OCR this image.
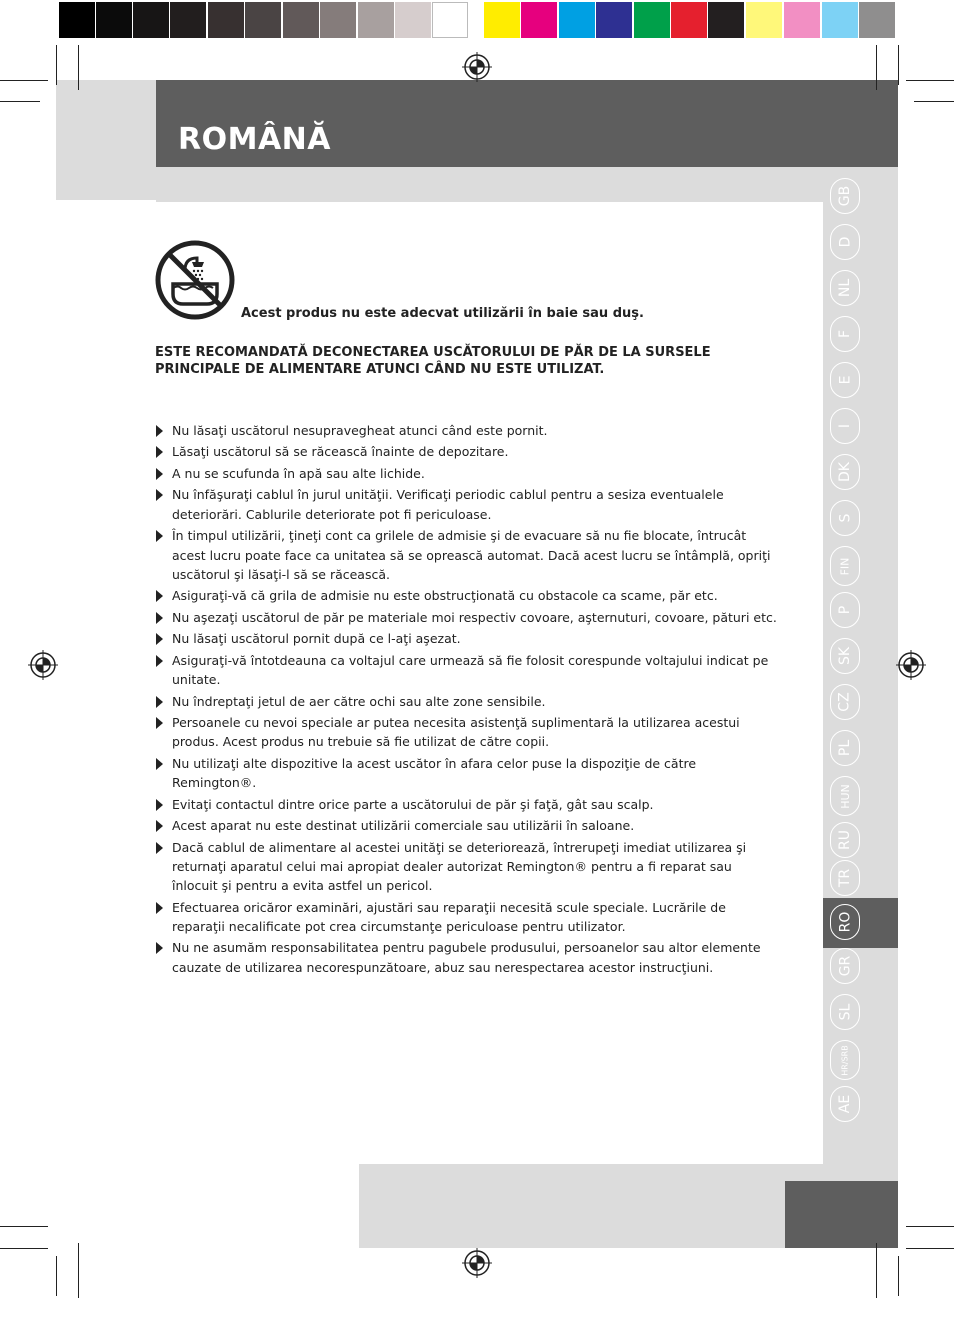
ROMÂNĂ
GB
D
NL
F
E
I
DK
S
FIN
P
SK
CZ
PL
HUN
RU
TR
RO
GR
SL
HR/SRB
AE
Acest produs nu este adecvat utilizării în baie sau duş.
ESTE RECOMANDATĂ DECONECTAREA USCĂTORULUI DE PĂR DE LA SURSELE PRINCIPALE DE ALIMENTARE ATUNCI CÂND NU ESTE UTILIZAT.
Nu lăsaţi uscătorul nesupravegheat atunci când este pornit.
Lăsaţi uscătorul să se răcească înainte de depozitare.
A nu se scufunda în apă sau alte lichide.
Nu înfăşuraţi cablul în jurul unităţii. Verificaţi periodic cablul pentru a sesiza eventualele deteriorări. Cablurile deteriorate pot fi periculoase.
În timpul utilizării, ţineţi cont ca grilele de admisie şi de evacuare să nu fie blocate, întrucât acest lucru poate face ca unitatea să se oprească automat. Dacă acest lucru se întâmplă, opriţi uscătorul şi lăsaţi-l să se răcească.
Asiguraţi-vă că grila de admisie nu este obstrucţionată cu obstacole ca scame, păr etc.
Nu aşezaţi uscătorul de păr pe materiale moi respectiv covoare, aşternuturi, covoare, pături etc.
Nu lăsaţi uscătorul pornit după ce l-aţi aşezat.
Asiguraţi-vă întotdeauna ca voltajul care urmează să fie folosit corespunde voltajului indicat pe unitate.
Nu îndreptaţi jetul de aer către ochi sau alte zone sensibile.
Persoanele cu nevoi speciale ar putea necesita asistenţă suplimentară la utilizarea acestui produs. Acest produs nu trebuie să fie utilizat de către copii.
Nu utilizaţi alte dispozitive la acest uscător în afara celor puse la dispoziţie de către Remington®.
Evitaţi contactul dintre orice parte a uscătorului de păr şi faţă, gât sau scalp.
Acest aparat nu este destinat utilizării comerciale sau utilizării în saloane.
Dacă cablul de alimentare al acestei unităţi se deteriorează, întrerupeţi imediat utilizarea şi returnaţi aparatul celui mai apropiat dealer autorizat Remington® pentru a fi reparat sau înlocuit şi pentru a evita astfel un pericol.
Efectuarea oricăror examinări, ajustări sau reparaţii necesită scule speciale. Lucrările de reparaţii necalificate pot crea circumstanţe periculoase pentru utilizator.
Nu ne asumăm responsabilitatea pentru pagubele produsului, persoanelor sau altor elemente cauzate de utilizarea necorespunzătoare, abuz sau nerespectarea acestor instrucţiuni.
